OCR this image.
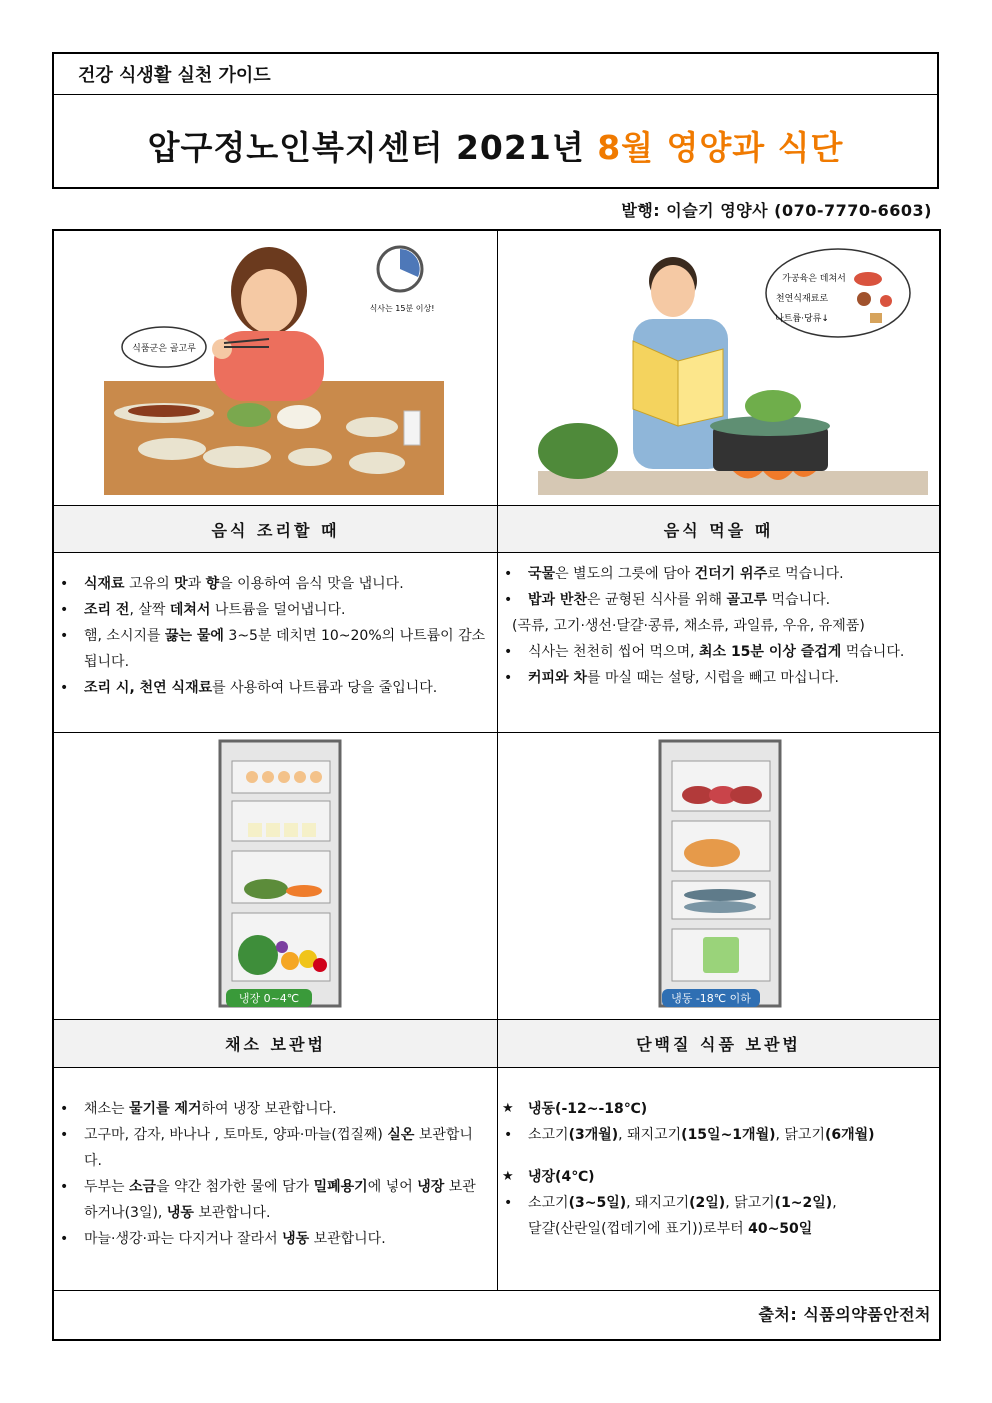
건강 식생활 실천 가이드
압구정노인복지센터 2021년 8월 영양과 식단
발행: 이슬기 영양사 (070-7770-6603)
식품군은 골고루
식사는 15분 이상!
가공육은 데쳐서
천연식재료로
나트륨·당류↓
음식 조리할 때	음식 먹을 때
• 식재료 고유의 맛과 향을 이용하여 음식 맛을 냅니다.
• 조리 전, 살짝 데쳐서 나트륨을 덜어냅니다.
• 햄, 소시지를 끓는 물에 3~5분 데치면 10~20%의 나트륨이 감소됩니다.
• 조리 시, 천연 식재료를 사용하여 나트륨과 당을 줄입니다.
• 국물은 별도의 그릇에 담아 건더기 위주로 먹습니다.
• 밥과 반찬은 균형된 식사를 위해 골고루 먹습니다.
(곡류, 고기·생선·달걀·콩류, 채소류, 과일류, 우유, 유제품)
• 식사는 천천히 씹어 먹으며, 최소 15분 이상 즐겁게 먹습니다.
• 커피와 차를 마실 때는 설탕, 시럽을 빼고 마십니다.
냉장 0~4℃	냉동 -18℃ 이하
채소 보관법	단백질 식품 보관법
• 채소는 물기를 제거하여 냉장 보관합니다.
• 고구마, 감자, 바나나 , 토마토, 양파·마늘(껍질째) 실온 보관합니다.
• 두부는 소금을 약간 첨가한 물에 담가 밀폐용기에 넣어 냉장 보관하거나(3일), 냉동 보관합니다.
• 마늘·생강·파는 다지거나 잘라서 냉동 보관합니다.
★ 냉동(-12~-18℃)
• 소고기(3개월), 돼지고기(15일~1개월), 닭고기(6개월)
★ 냉장(4℃)
• 소고기(3~5일), 돼지고기(2일), 닭고기(1~2일),
달걀(산란일(껍데기에 표기))로부터 40~50일
출처: 식품의약품안전처
